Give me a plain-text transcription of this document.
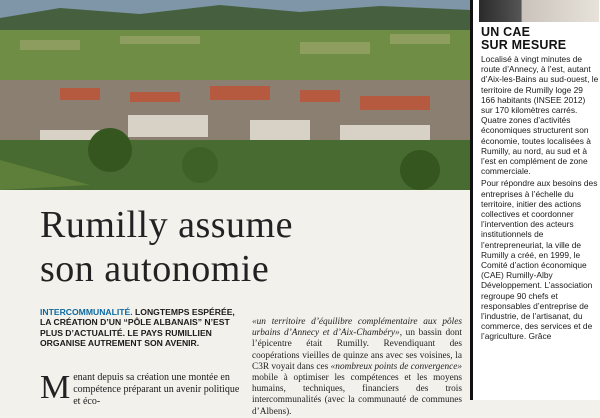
UN CAE
SUR MESURE

Localisé à vingt minutes de route d’Annecy, à l’est, autant d’Aix-les-Bains au sud-ouest, le territoire de Rumilly loge 29 166 habitants (INSEE 2012) sur 170 kilomètres carrés. Quatre zones d’activités économiques structurent son économie, toutes localisées à Rumilly, au nord, au sud et à l’est en complément de zone commerciale.

Pour répondre aux besoins des entreprises à l’échelle du territoire, initier des actions collectives et coordonner l’intervention des acteurs institutionnels de l’entrepreneuriat, la ville de Rumilly a créé, en 1999, le Comité d’action économique (CAE) Rumilly-Alby Développement. L’association regroupe 90 chefs et responsables d’entreprise de l’industrie, de l’artisanat, du commerce, des services et de l’agriculture. Grâce

Rumilly assume
son autonomie
INTERCOMMUNALITÉ. LONGTEMPS ESPÉRÉE, LA CRÉATION D’UN “PÔLE ALBANAIS” N’EST PLUS D’ACTUALITÉ. LE PAYS RUMILLIEN ORGANISE AUTREMENT SON AVENIR.
M enant depuis sa création une montée en compétence préparant un avenir politique et éco-
«un territoire d’équilibre complémentaire aux pôles urbains d’Annecy et d’Aix-Chambéry», un bassin dont l’épicentre était Rumilly. Revendiquant des coopérations vieilles de quinze ans avec ses voisines, la C3R voyait dans ces «nombreux points de convergence» mobile à optimiser les compétences et les moyens humains, techniques, financiers des trois intercommunalités (avec la communauté de communes d’Albens).
